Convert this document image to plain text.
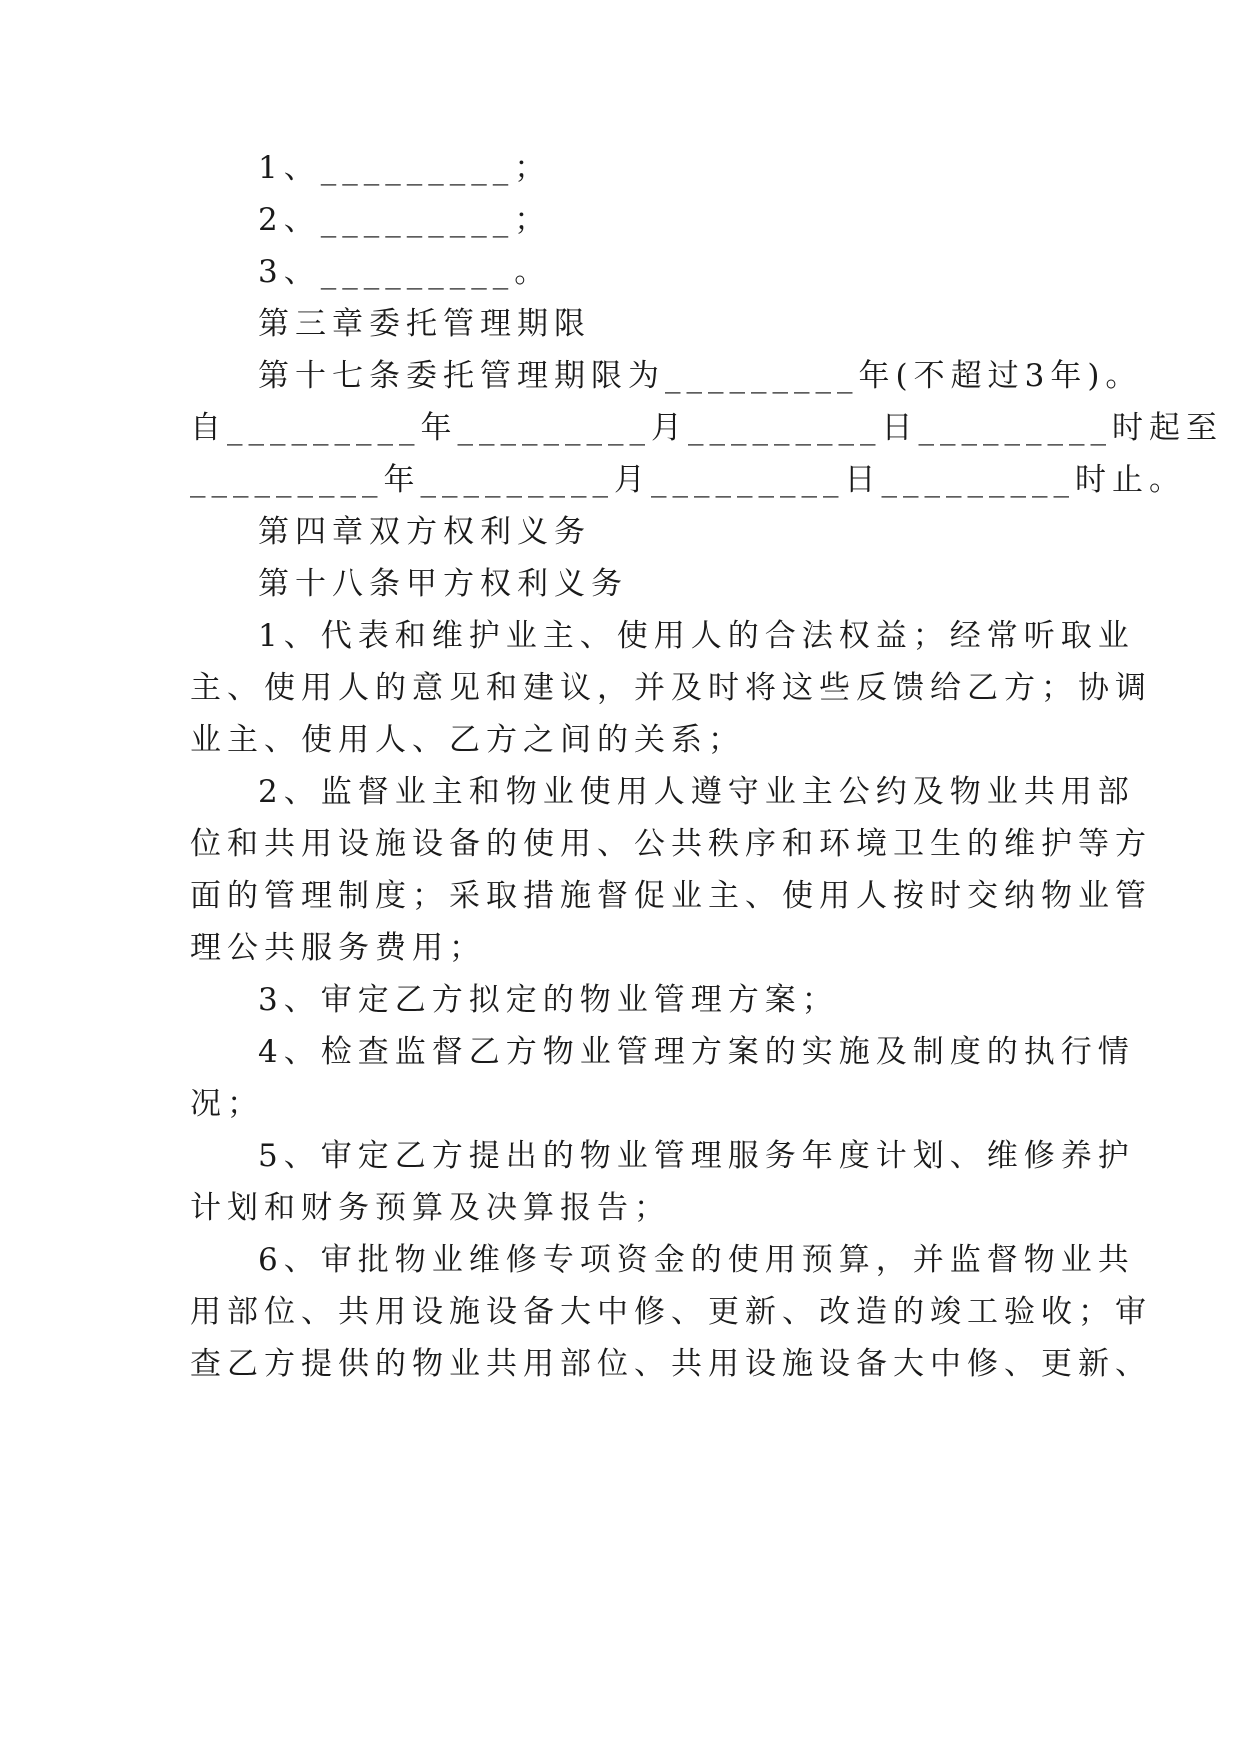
1、_________；
2、_________；
3、_________。
第三章委托管理期限
第十七条委托管理期限为_________年(不超过3年)。
自_________年_________月_________日_________时起至
_________年_________月_________日_________时止。
第四章双方权利义务
第十八条甲方权利义务
1、代表和维护业主、使用人的合法权益；经常听取业
主、使用人的意见和建议，并及时将这些反馈给乙方；协调
业主、使用人、乙方之间的关系；
2、监督业主和物业使用人遵守业主公约及物业共用部
位和共用设施设备的使用、公共秩序和环境卫生的维护等方
面的管理制度；采取措施督促业主、使用人按时交纳物业管
理公共服务费用；
3、审定乙方拟定的物业管理方案；
4、检查监督乙方物业管理方案的实施及制度的执行情
况；
5、审定乙方提出的物业管理服务年度计划、维修养护
计划和财务预算及决算报告；
6、审批物业维修专项资金的使用预算，并监督物业共
用部位、共用设施设备大中修、更新、改造的竣工验收；审
查乙方提供的物业共用部位、共用设施设备大中修、更新、
